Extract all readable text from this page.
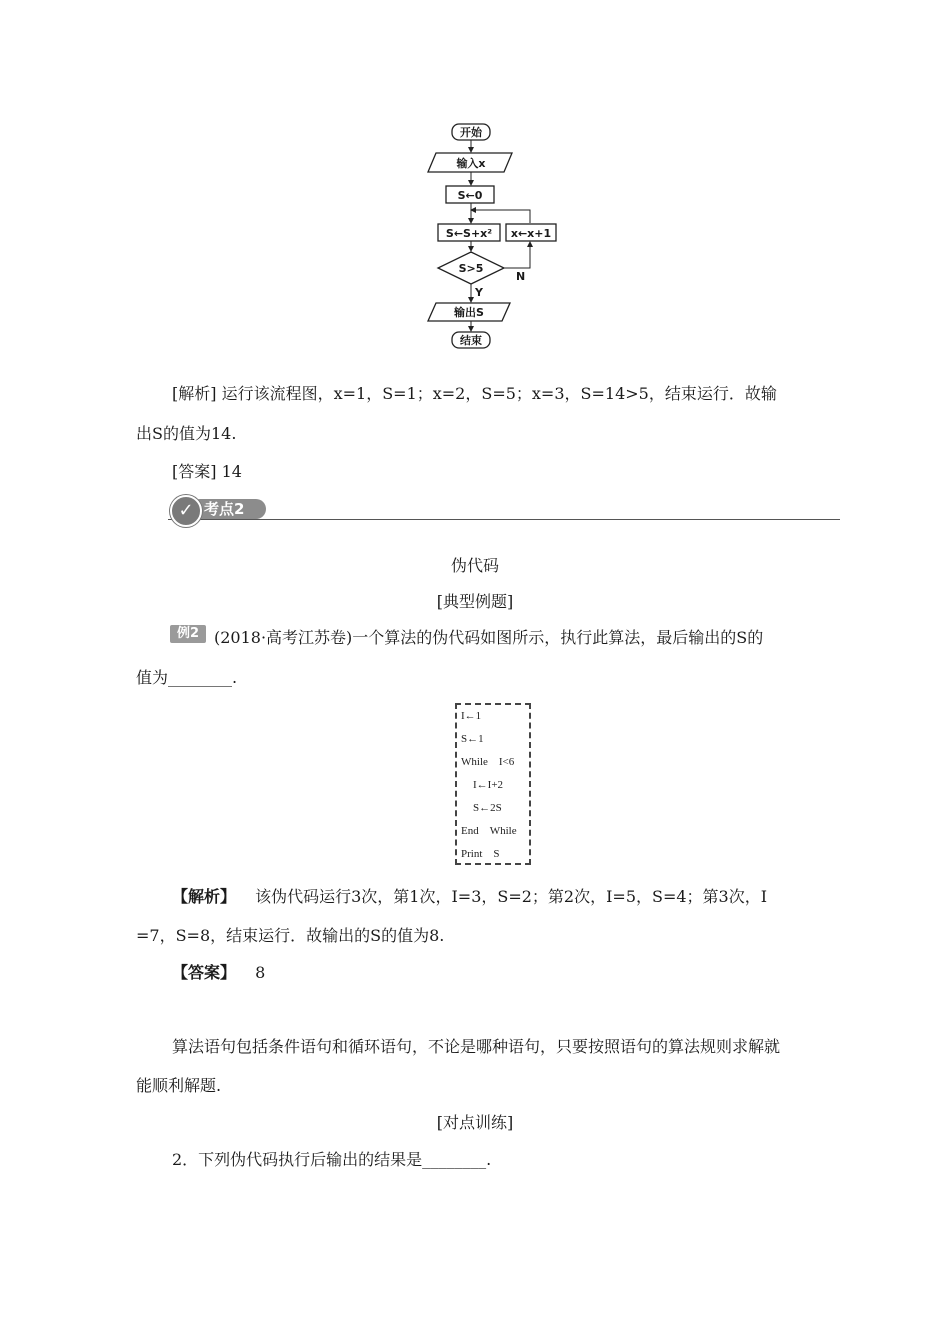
开始
输入x
S←0
S←S+x² x←x+1
S>5
N
Y
输出S
结束
[解析] 运行该流程图，x=1，S=1；x=2，S=5；x=3，S=14>5，结束运行．故输
出S的值为14.
[答案] 14
✓ 考点2
伪代码
[典型例题]
例2 (2018·高考江苏卷)一个算法的伪代码如图所示，执行此算法，最后输出的S的
值为________.
I←1
S←1
While　I<6
I←I+2
S←2S
End　While
Print　S
【解析】 该伪代码运行3次，第1次，I=3，S=2；第2次，I=5，S=4；第3次，I
=7，S=8，结束运行．故输出的S的值为8.
【答案】 8
算法语句包括条件语句和循环语句，不论是哪种语句，只要按照语句的算法规则求解就
能顺利解题.
[对点训练]
2．下列伪代码执行后输出的结果是________.
